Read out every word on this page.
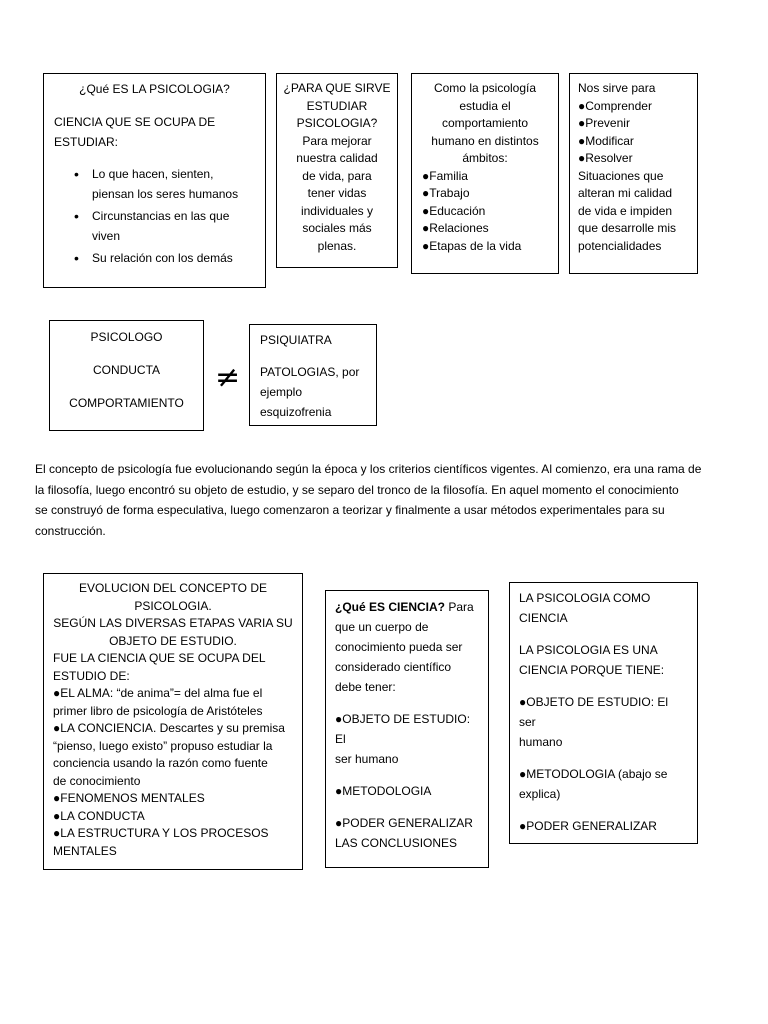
¿Qué ES LA PSICOLOGIA?
CIENCIA QUE SE OCUPA DE
ESTUDIAR:
• Lo que hacen, sienten, piensan los seres humanos
• Circunstancias en las que viven
• Su relación con los demás
¿PARA QUE SIRVE
ESTUDIAR
PSICOLOGIA?
Para mejorar
nuestra calidad
de vida, para
tener vidas
individuales y
sociales más
plenas.
Como la psicología
estudia el
comportamiento
humano en distintos
ámbitos:
● Familia
● Trabajo
● Educación
● Relaciones
● Etapas de la vida
Nos sirve para
● Comprender
● Prevenir
● Modificar
● Resolver
Situaciones que
alteran mi calidad
de vida e impiden
que desarrolle mis
potencialidades
PSICOLOGO
CONDUCTA
COMPORTAMIENTO
≠
PSIQUIATRA
PATOLOGIAS, por
ejemplo
esquizofrenia
El concepto de psicología fue evolucionando según la época y los criterios científicos vigentes. Al comienzo, era una rama de
la filosofía, luego encontró su objeto de estudio, y se separo del tronco de la filosofía. En aquel momento el conocimiento
se construyó de forma especulativa, luego comenzaron a teorizar y finalmente a usar métodos experimentales para su
construcción.
EVOLUCION DEL CONCEPTO DE
PSICOLOGIA.
SEGÚN LAS DIVERSAS ETAPAS VARIA SU
OBJETO DE ESTUDIO.
FUE LA CIENCIA QUE SE OCUPA DEL
ESTUDIO DE:
● EL ALMA: “de anima”= del alma fue el
primer libro de psicología de Aristóteles
● LA CONCIENCIA. Descartes y su premisa
“pienso, luego existo” propuso estudiar la
conciencia usando la razón como fuente
de conocimiento
● FENOMENOS MENTALES
● LA CONDUCTA
● LA ESTRUCTURA Y LOS PROCESOS
MENTALES
¿Qué ES CIENCIA? Para
que un cuerpo de
conocimiento pueda ser
considerado científico
debe tener:
● OBJETO DE ESTUDIO: El
ser humano
● METODOLOGIA
● PODER GENERALIZAR
LAS CONCLUSIONES
LA PSICOLOGIA COMO
CIENCIA
LA PSICOLOGIA ES UNA
CIENCIA PORQUE TIENE:
● OBJETO DE ESTUDIO: El ser
humano
● METODOLOGIA (abajo se
explica)
● PODER GENERALIZAR
